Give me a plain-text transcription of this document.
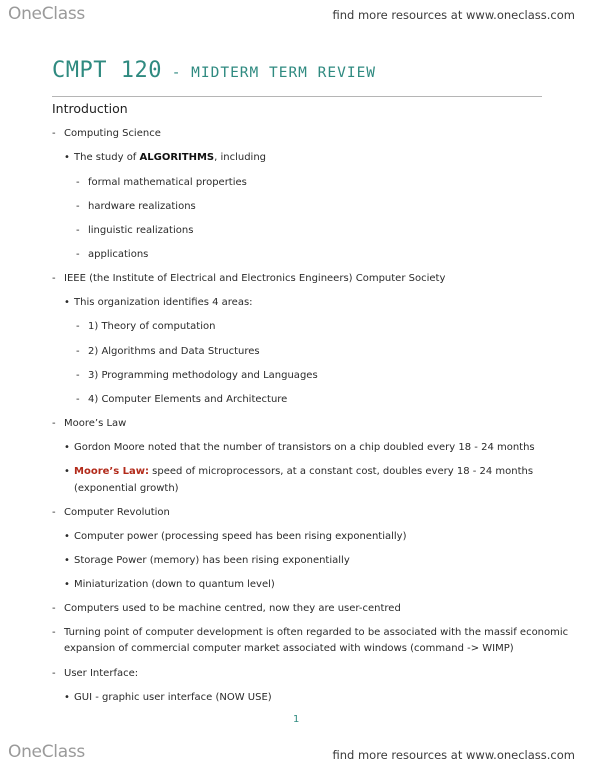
OneClass	find more resources at www.oneclass.com
CMPT 120 - MIDTERM TERM REVIEW
Introduction
- Computing Science
• The study of ALGORITHMS, including
- formal mathematical properties
- hardware realizations
- linguistic realizations
- applications
- IEEE (the Institute of Electrical and Electronics Engineers) Computer Society
• This organization identifies 4 areas:
- 1) Theory of computation
- 2) Algorithms and Data Structures
- 3) Programming methodology and Languages
- 4) Computer Elements and Architecture
- Moore’s Law
• Gordon Moore noted that the number of transistors on a chip doubled every 18 - 24 months
• Moore’s Law: speed of microprocessors, at a constant cost, doubles every 18 - 24 months
(exponential growth)
- Computer Revolution
• Computer power (processing speed has been rising exponentially)
• Storage Power (memory) has been rising exponentially
• Miniaturization (down to quantum level)
- Computers used to be machine centred, now they are user-centred
- Turning point of computer development is often regarded to be associated with the massif economic
expansion of commercial computer market associated with windows (command -> WIMP)
- User Interface:
• GUI - graphic user interface (NOW USE)
1
OneClass	find more resources at www.oneclass.com
